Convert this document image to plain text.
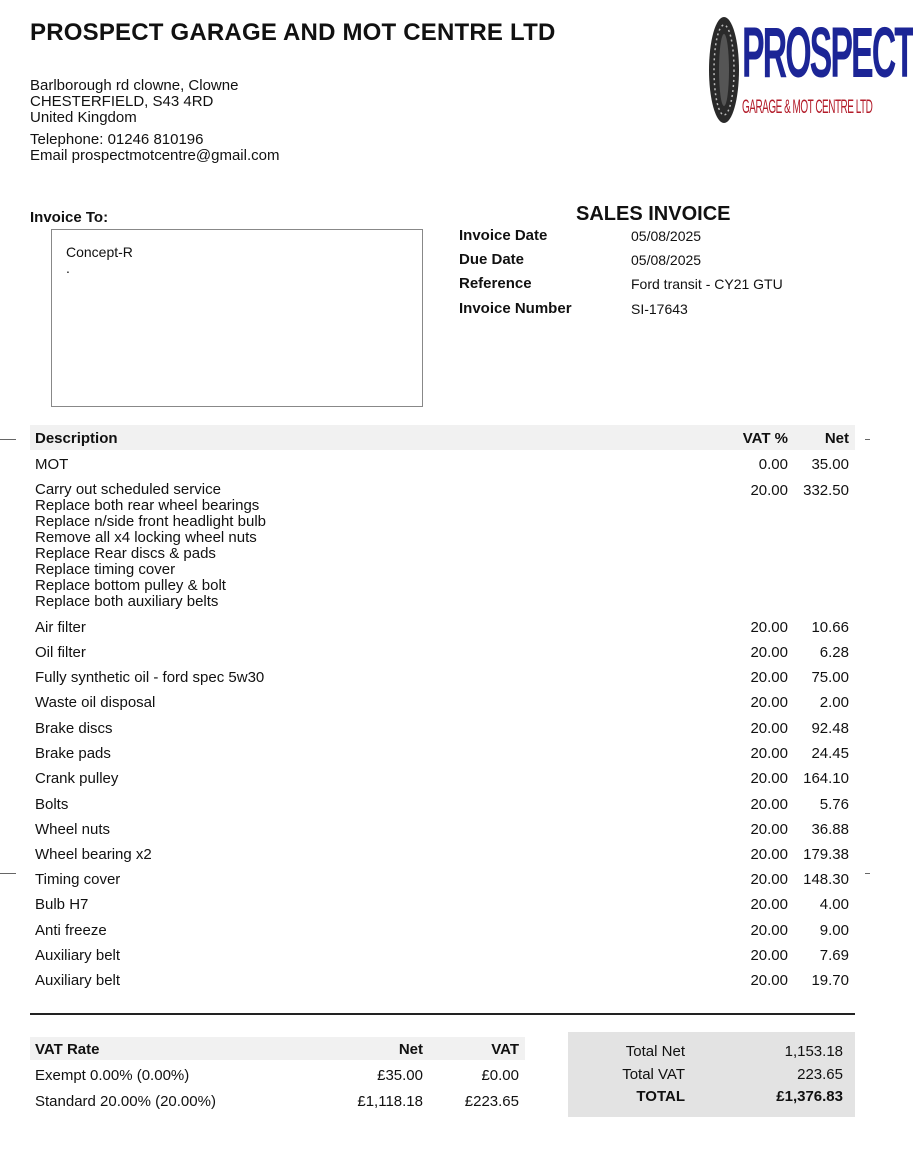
PROSPECT GARAGE AND MOT CENTRE LTD
Barlborough rd clowne, Clowne
CHESTERFIELD, S43 4RD
United Kingdom
Telephone: 01246 810196
Email prospectmotcentre@gmail.com
PROSPECT
GARAGE & MOT CENTRE LTD
Invoice To:
Concept-R
.
SALES INVOICE
Invoice Date	05/08/2025
Due Date	05/08/2025
Reference	Ford transit - CY21 GTU
Invoice Number	SI-17643
Description	VAT % Net
MOT	0.00 35.00
Carry out scheduled service
Replace both rear wheel bearings
Replace n/side front headlight bulb
Remove all x4 locking wheel nuts
Replace Rear discs & pads
Replace timing cover
Replace bottom pulley & bolt
Replace both auxiliary belts
20.00 332.50
Air filter	20.00 10.66
Oil filter	20.00 6.28
Fully synthetic oil - ford spec 5w30	20.00 75.00
Waste oil disposal	20.00 2.00
Brake discs	20.00 92.48
Brake pads	20.00 24.45
Crank pulley	20.00 164.10
Bolts	20.00 5.76
Wheel nuts	20.00 36.88
Wheel bearing x2	20.00 179.38
Timing cover	20.00 148.30
Bulb H7	20.00 4.00
Anti freeze	20.00 9.00
Auxiliary belt	20.00 7.69
Auxiliary belt	20.00 19.70
VAT Rate	Net	VAT
Exempt 0.00% (0.00%)	£35.00	£0.00
Standard 20.00% (20.00%)	£1,118.18	£223.65
Total Net	1,153.18
Total VAT	223.65
TOTAL	£1,376.83
